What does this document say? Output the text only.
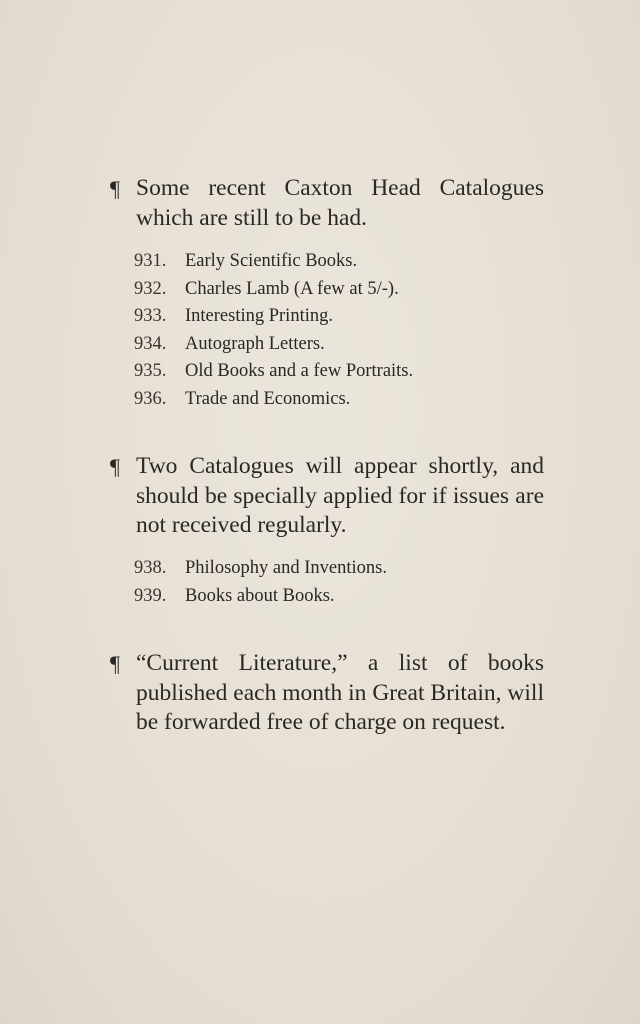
¶ Some recent Caxton Head Catalogues which are still to be had.

931.	Early Scientific Books.
932.	Charles Lamb (A few at 5/-).
933.	Interesting Printing.
934.	Autograph Letters.
935.	Old Books and a few Portraits.
936.	Trade and Economics.
¶ Two Catalogues will appear shortly, and should be specially applied for if issues are not received regularly.

938.	Philosophy and Inventions.
939.	Books about Books.
¶ “Current Literature,” a list of books published each month in Great Britain, will be forwarded free of charge on request.
